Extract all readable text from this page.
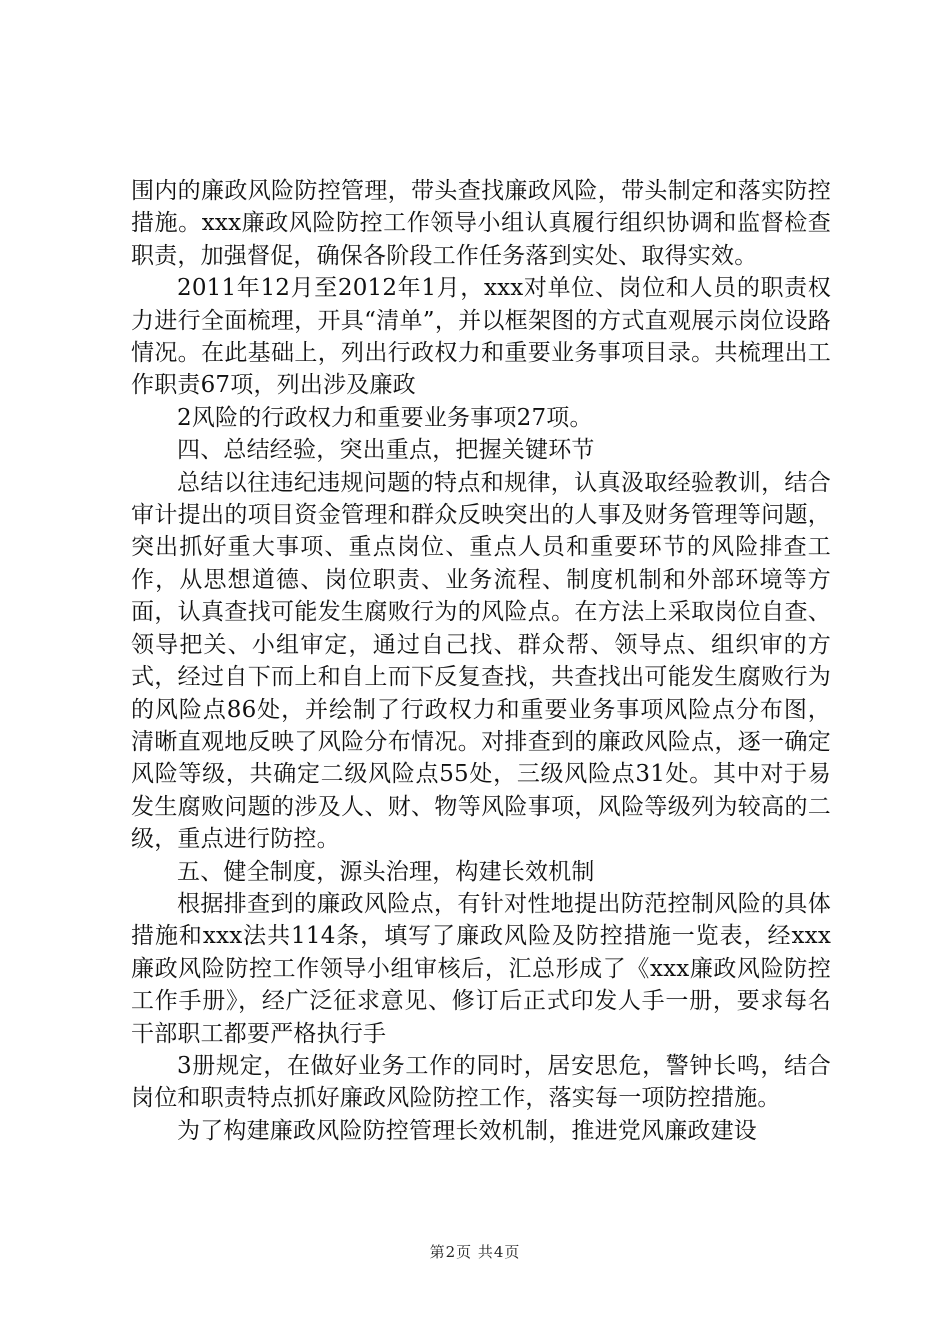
围内的廉政风险防控管理，带头查找廉政风险，带头制定和落实防控措施。xxx廉政风险防控工作领导小组认真履行组织协调和监督检查职责，加强督促，确保各阶段工作任务落到实处、取得实效。

2011年12月至2012年1月，xxx对单位、岗位和人员的职责权力进行全面梳理，开具“清单”，并以框架图的方式直观展示岗位设路情况。在此基础上，列出行政权力和重要业务事项目录。共梳理出工作职责67项，列出涉及廉政

2风险的行政权力和重要业务事项27项。

四、总结经验，突出重点，把握关键环节

总结以往违纪违规问题的特点和规律，认真汲取经验教训，结合审计提出的项目资金管理和群众反映突出的人事及财务管理等问题，突出抓好重大事项、重点岗位、重点人员和重要环节的风险排查工作，从思想道德、岗位职责、业务流程、制度机制和外部环境等方面，认真查找可能发生腐败行为的风险点。在方法上采取岗位自查、领导把关、小组审定，通过自己找、群众帮、领导点、组织审的方式，经过自下而上和自上而下反复查找，共查找出可能发生腐败行为的风险点86处，并绘制了行政权力和重要业务事项风险点分布图，清晰直观地反映了风险分布情况。对排查到的廉政风险点，逐一确定风险等级，共确定二级风险点55处，三级风险点31处。其中对于易发生腐败问题的涉及人、财、物等风险事项，风险等级列为较高的二级，重点进行防控。

五、健全制度，源头治理，构建长效机制

根据排查到的廉政风险点，有针对性地提出防范控制风险的具体措施和xxx法共114条，填写了廉政风险及防控措施一览表，经xxx廉政风险防控工作领导小组审核后，汇总形成了《xxx廉政风险防控工作手册》，经广泛征求意见、修订后正式印发人手一册，要求每名干部职工都要严格执行手

3册规定，在做好业务工作的同时，居安思危，警钟长鸣，结合岗位和职责特点抓好廉政风险防控工作，落实每一项防控措施。

为了构建廉政风险防控管理长效机制，推进党风廉政建设

第2页 共4页
